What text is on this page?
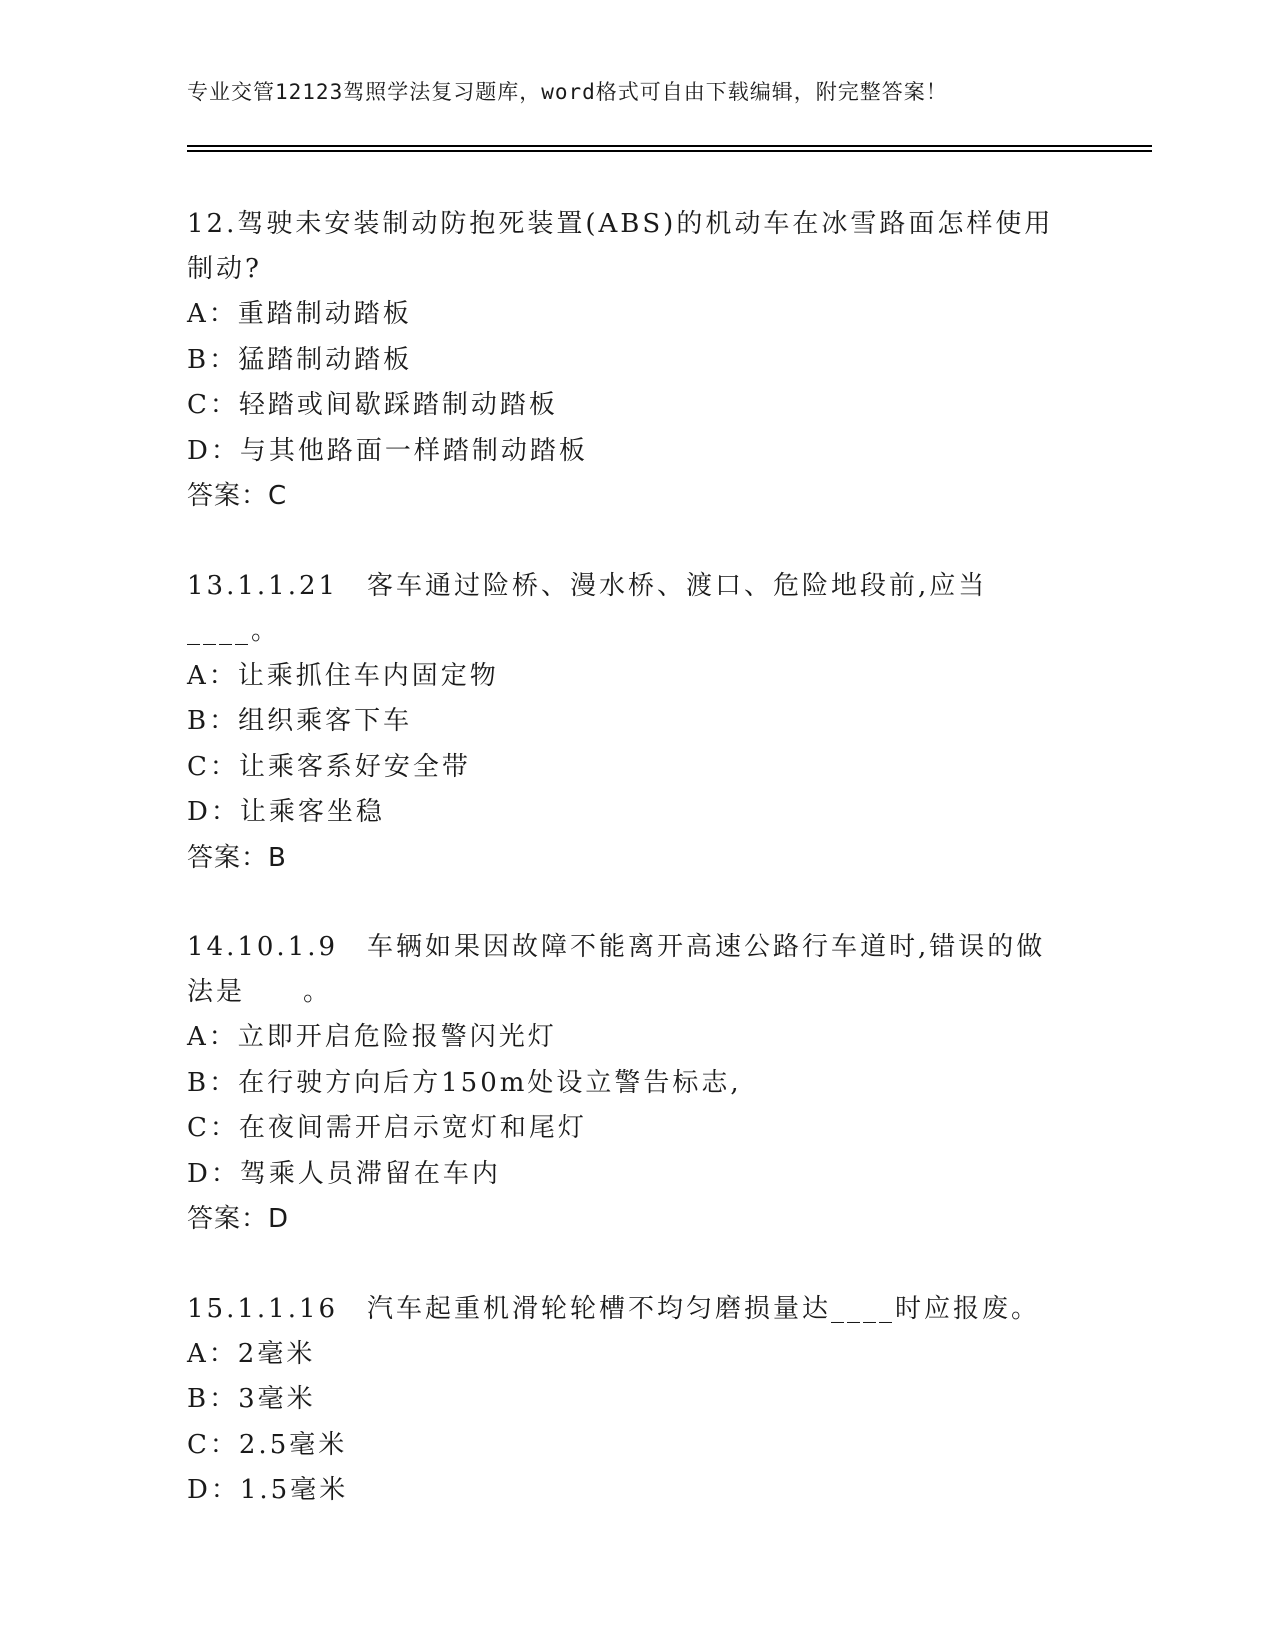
专业交管12123驾照学法复习题库，word格式可自由下载编辑，附完整答案！

12.驾驶未安装制动防抱死装置(ABS)的机动车在冰雪路面怎样使用制动?

A：重踏制动踏板

B：猛踏制动踏板

C：轻踏或间歇踩踏制动踏板

D：与其他路面一样踏制动踏板

答案：C

13.1.1.21　客车通过险桥、漫水桥、渡口、危险地段前,应当____。

A：让乘抓住车内固定物

B：组织乘客下车

C：让乘客系好安全带

D：让乘客坐稳

答案：B

14.10.1.9　车辆如果因故障不能离开高速公路行车道时,错误的做法是　　。

A：立即开启危险报警闪光灯

B：在行驶方向后方150m处设立警告标志,

C：在夜间需开启示宽灯和尾灯

D：驾乘人员滞留在车内

答案：D

15.1.1.16　汽车起重机滑轮轮槽不均匀磨损量达____时应报废。

A：2毫米

B：3毫米

C：2.5毫米

D：1.5毫米
